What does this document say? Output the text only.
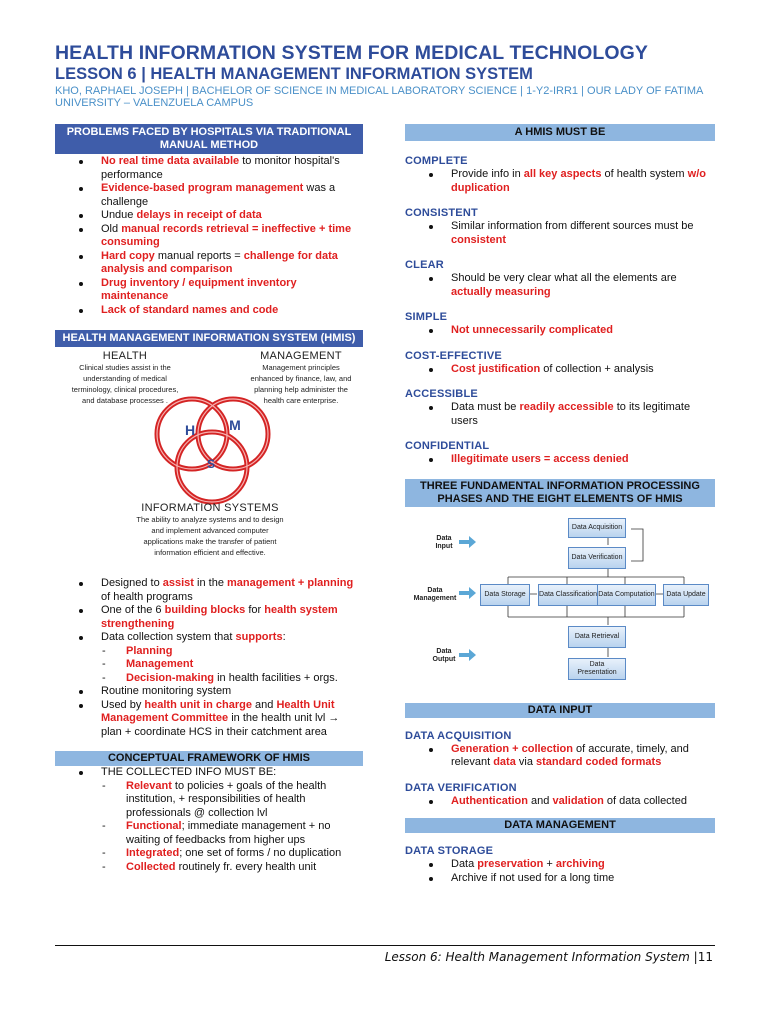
HEALTH INFORMATION SYSTEM FOR MEDICAL TECHNOLOGY
LESSON 6 | HEALTH MANAGEMENT INFORMATION SYSTEM
KHO, RAPHAEL JOSEPH | BACHELOR OF SCIENCE IN MEDICAL LABORATORY SCIENCE | 1-Y2-IRR1 | OUR LADY OF FATIMA UNIVERSITY – VALENZUELA CAMPUS
PROBLEMS FACED BY HOSPITALS VIA TRADITIONAL MANUAL METHOD
No real time data available to monitor hospital's performance
Evidence-based program management was a challenge
Undue delays in receipt of data
Old manual records retrieval = ineffective + time consuming
Hard copy manual reports = challenge for data analysis and comparison
Drug inventory / equipment inventory maintenance
Lack of standard names and code
HEALTH MANAGEMENT INFORMATION SYSTEM (HMIS)
HEALTH
Clinical studies assist in the understanding of medical terminology, clinical procedures, and database processes .
MANAGEMENT
Management principles enhanced by finance, law, and planning help administer the health care enterprise.
H M
S
INFORMATION SYSTEMS
The ability to analyze systems and to design and implement advanced computer applications make the transfer of patient information efficient and effective.
Designed to assist in the management + planning of health programs
One of the 6 building blocks for health system strengthening
Data collection system that supports:
- Planning
- Management
- Decision-making in health facilities + orgs.
Routine monitoring system
Used by health unit in charge and Health Unit Management Committee in the health unit lvl → plan + coordinate HCS in their catchment area
CONCEPTUAL FRAMEWORK OF HMIS
THE COLLECTED INFO MUST BE:
- Relevant to policies + goals of the health institution, + responsibilities of health professionals @ collection lvl
- Functional; immediate management + no waiting of feedbacks from higher ups
- Integrated; one set of forms / no duplication
- Collected routinely fr. every health unit
A HMIS MUST BE
COMPLETE
Provide info in all key aspects of health system w/o duplication
CONSISTENT
Similar information from different sources must be consistent
CLEAR
Should be very clear what all the elements are actually measuring
SIMPLE
Not unnecessarily complicated
COST-EFFECTIVE
Cost justification of collection + analysis
ACCESSIBLE
Data must be readily accessible to its legitimate users
CONFIDENTIAL
Illegitimate users = access denied
THREE FUNDAMENTAL INFORMATION PROCESSING PHASES AND THE EIGHT ELEMENTS OF HMIS
Data Input
Data Management
Data Output
Data Acquisition
Data Verification
Data Storage	Data Classification Data Computation	Data Update
Data Retrieval
Data Presentation
DATA INPUT
DATA ACQUISITION
Generation + collection of accurate, timely, and relevant data via standard coded formats
DATA VERIFICATION
Authentication and validation of data collected
DATA MANAGEMENT
DATA STORAGE
Data preservation + archiving
Archive if not used for a long time
Lesson 6: Health Management Information System |11
